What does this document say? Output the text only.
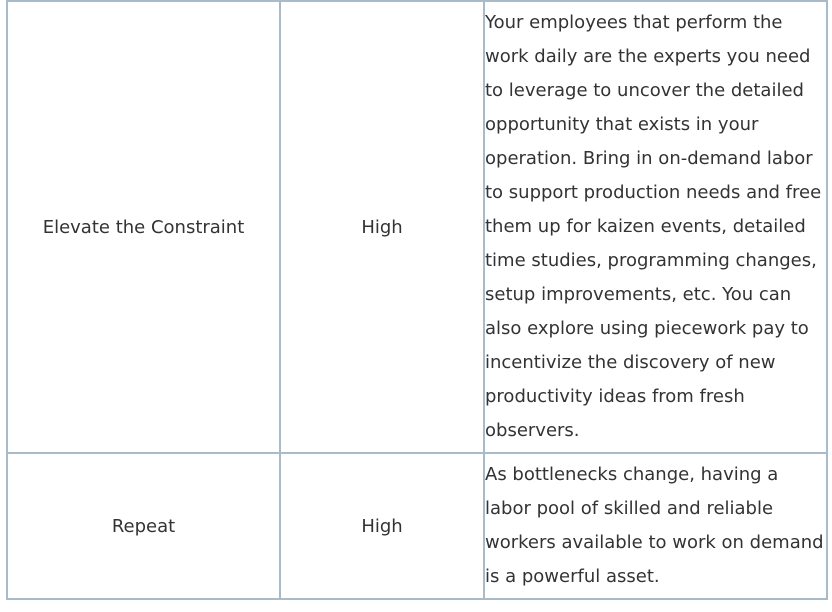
Elevate the Constraint	High	Your employees that perform the work daily are the experts you need to leverage to uncover the detailed opportunity that exists in your operation. Bring in on-demand labor to support production needs and free them up for kaizen events, detailed time studies, programming changes, setup improvements, etc. You can also explore using piecework pay to incentivize the discovery of new productivity ideas from fresh observers.

Repeat	High	As bottlenecks change, having a labor pool of skilled and reliable workers available to work on demand is a powerful asset.
